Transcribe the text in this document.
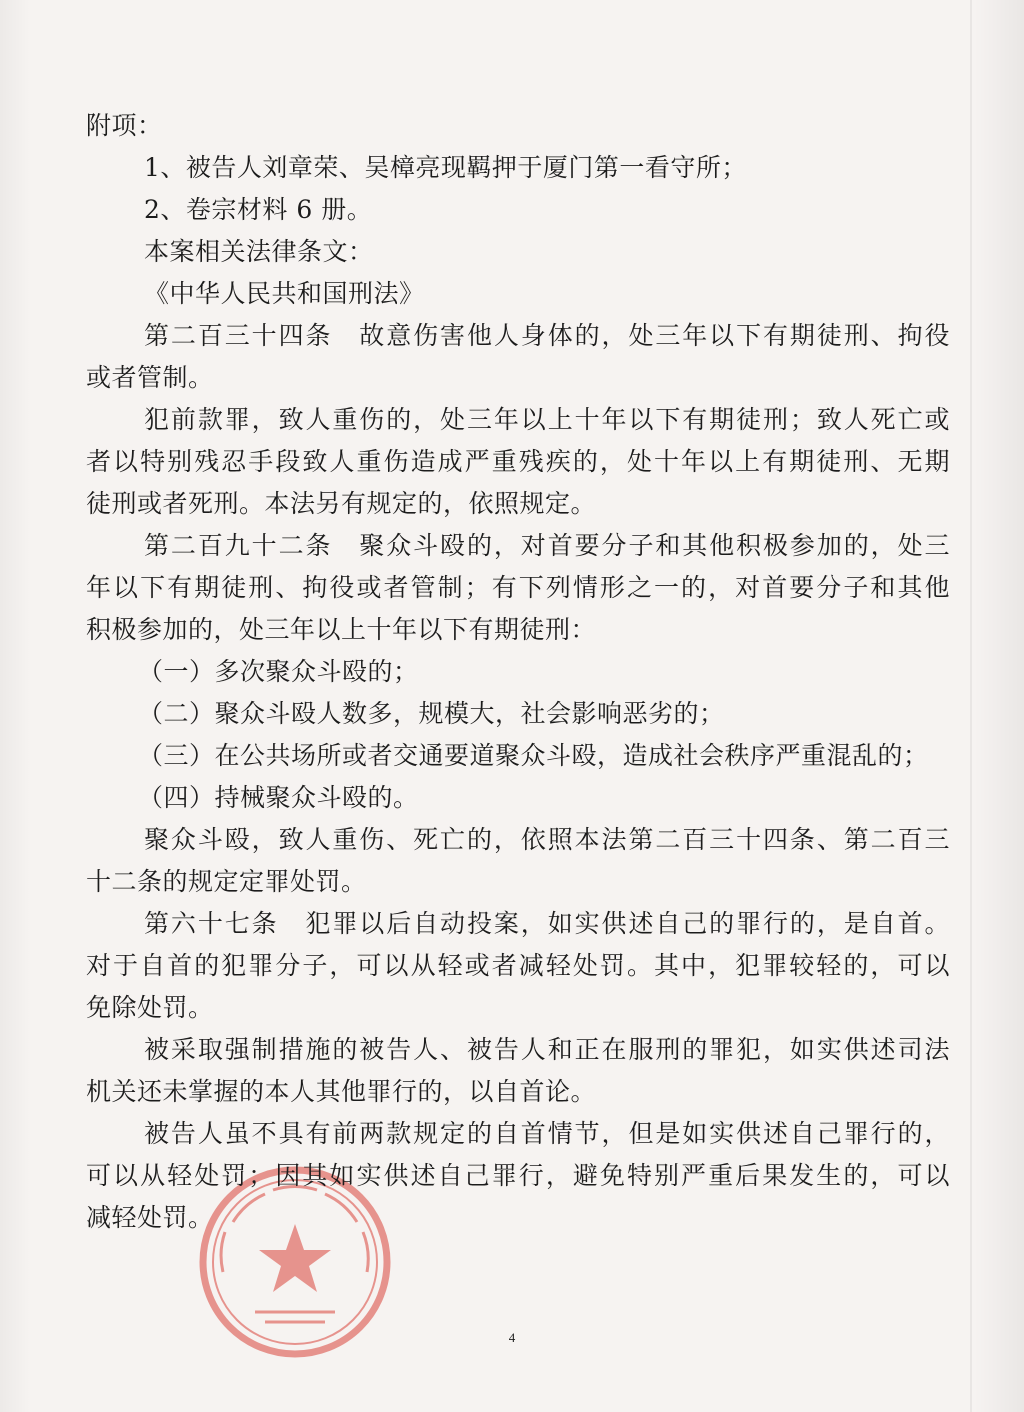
附项：
1、被告人刘章荣、吴樟亮现羁押于厦门第一看守所；
2、卷宗材料 6 册。
本案相关法律条文：
《中华人民共和国刑法》
第二百三十四条　故意伤害他人身体的，处三年以下有期徒刑、拘役
或者管制。
犯前款罪，致人重伤的，处三年以上十年以下有期徒刑；致人死亡或
者以特别残忍手段致人重伤造成严重残疾的，处十年以上有期徒刑、无期
徒刑或者死刑。本法另有规定的，依照规定。
第二百九十二条　聚众斗殴的，对首要分子和其他积极参加的，处三
年以下有期徒刑、拘役或者管制；有下列情形之一的，对首要分子和其他
积极参加的，处三年以上十年以下有期徒刑：
（一）多次聚众斗殴的；
（二）聚众斗殴人数多，规模大，社会影响恶劣的；
（三）在公共场所或者交通要道聚众斗殴，造成社会秩序严重混乱的；
（四）持械聚众斗殴的。
聚众斗殴，致人重伤、死亡的，依照本法第二百三十四条、第二百三
十二条的规定定罪处罚。
第六十七条　犯罪以后自动投案，如实供述自己的罪行的，是自首。
对于自首的犯罪分子，可以从轻或者减轻处罚。其中，犯罪较轻的，可以
免除处罚。
被采取强制措施的被告人、被告人和正在服刑的罪犯，如实供述司法
机关还未掌握的本人其他罪行的，以自首论。
被告人虽不具有前两款规定的自首情节，但是如实供述自己罪行的，
可以从轻处罚；因其如实供述自己罪行，避免特别严重后果发生的，可以
减轻处罚。
4
